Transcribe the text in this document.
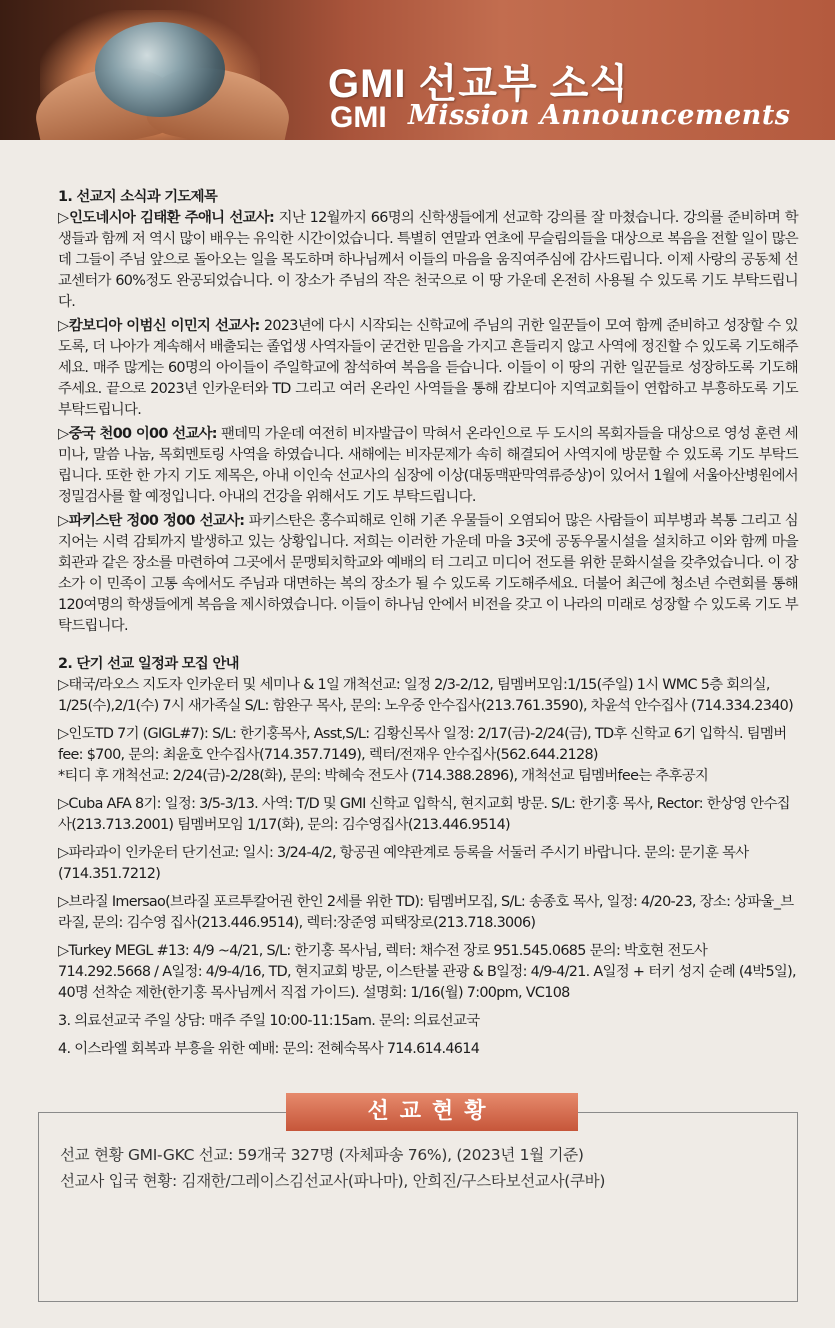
GMI 선교부 소식
GMI Mission Announcements
1. 선교지 소식과 기도제목
▷인도네시아 김태환 주애니 선교사: 지난 12월까지 66명의 신학생들에게 선교학 강의를 잘 마쳤습니다. 강의를 준비하며 학생들과 함께 저 역시 많이 배우는 유익한 시간이었습니다. 특별히 연말과 연초에 무슬림의들을 대상으로 복음을 전할 일이 많은데 그들이 주님 앞으로 돌아오는 일을 목도하며 하나님께서 이들의 마음을 움직여주심에 감사드립니다. 이제 사랑의 공동체 선교센터가 60%정도 완공되었습니다. 이 장소가 주님의 작은 천국으로 이 땅 가운데 온전히 사용될 수 있도록 기도 부탁드립니다.
▷캄보디아 이범신 이민지 선교사: 2023년에 다시 시작되는 신학교에 주님의 귀한 일꾼들이 모여 함께 준비하고 성장할 수 있도록, 더 나아가 계속해서 배출되는 졸업생 사역자들이 굳건한 믿음을 가지고 흔들리지 않고 사역에 정진할 수 있도록 기도해주세요. 매주 많게는 60명의 아이들이 주일학교에 참석하여 복음을 듣습니다. 이들이 이 땅의 귀한 일꾼들로 성장하도록 기도해주세요. 끝으로 2023년 인카운터와 TD 그리고 여러 온라인 사역들을 통해 캄보디아 지역교회들이 연합하고 부흥하도록 기도 부탁드립니다.
▷중국 천00 이00 선교사: 팬데믹 가운데 여전히 비자발급이 막혀서 온라인으로 두 도시의 목회자들을 대상으로 영성 훈련 세미나, 말씀 나눔, 목회멘토링 사역을 하였습니다. 새해에는 비자문제가 속히 해결되어 사역지에 방문할 수 있도록 기도 부탁드립니다. 또한 한 가지 기도 제목은, 아내 이인숙 선교사의 심장에 이상(대동맥판막역류증상)이 있어서 1월에 서울아산병원에서 정밀검사를 할 예정입니다. 아내의 건강을 위해서도 기도 부탁드립니다.
▷파키스탄 정00 정00 선교사: 파키스탄은 홍수피해로 인해 기존 우물들이 오염되어 많은 사람들이 피부병과 복통 그리고 심지어는 시력 감퇴까지 발생하고 있는 상황입니다. 저희는 이러한 가운데 마을 3곳에 공동우물시설을 설치하고 이와 함께 마을회관과 같은 장소를 마련하여 그곳에서 문맹퇴치학교와 예배의 터 그리고 미디어 전도를 위한 문화시설을 갖추었습니다. 이 장소가 이 민족이 고통 속에서도 주님과 대면하는 복의 장소가 될 수 있도록 기도해주세요. 더불어 최근에 청소년 수련회를 통해 120여명의 학생들에게 복음을 제시하였습니다. 이들이 하나님 안에서 비전을 갖고 이 나라의 미래로 성장할 수 있도록 기도 부탁드립니다.
2. 단기 선교 일정과 모집 안내
▷태국/라오스 지도자 인카운터 및 세미나 & 1일 개척선교: 일정 2/3-2/12, 팀멤버모임:1/15(주일) 1시 WMC 5층 회의실, 1/25(수),2/1(수) 7시 새가족실 S/L: 함완구 목사, 문의: 노우중 안수집사(213.761.3590), 차윤석 안수집사 (714.334.2340)
▷인도TD 7기 (GIGL#7): S/L: 한기홍목사, Asst,S/L: 김황신목사 일정: 2/17(금)-2/24(금), TD후 신학교 6기 입학식. 팀멤버 fee: $700, 문의: 최윤호 안수집사(714.357.7149), 렉터/전재우 안수집사(562.644.2128)
*티디 후 개척선교: 2/24(금)-2/28(화), 문의: 박혜숙 전도사 (714.388.2896), 개척선교 팀멤버fee는 추후공지
▷Cuba AFA 8기: 일정: 3/5-3/13. 사역: T/D 및 GMI 신학교 입학식, 현지교회 방문. S/L: 한기홍 목사, Rector: 한상영 안수집사(213.713.2001) 팀멤버모임 1/17(화), 문의: 김수영집사(213.446.9514)
▷파라과이 인카운터 단기선교: 일시: 3/24-4/2, 항공권 예약관계로 등록을 서둘러 주시기 바랍니다. 문의: 문기훈 목사 (714.351.7212)
▷브라질 Imersao(브라질 포르투칼어권 한인 2세를 위한 TD): 팀멤버모집, S/L: 송종호 목사, 일정: 4/20-23, 장소: 상파울_브라질, 문의: 김수영 집사(213.446.9514), 렉터:장준영 피택장로(213.718.3006)
▷Turkey MEGL #13: 4/9 ~4/21, S/L: 한기홍 목사님, 렉터: 채수전 장로 951.545.0685 문의: 박호현 전도사 714.292.5668 / A일정: 4/9-4/16, TD, 현지교회 방문, 이스탄불 관광 & B일정: 4/9-4/21. A일정 + 터키 성지 순례 (4박5일), 40명 선착순 제한(한기홍 목사님께서 직접 가이드). 설명회: 1/16(월) 7:00pm, VC108
3. 의료선교국 주일 상담: 매주 주일 10:00-11:15am. 문의: 의료선교국
4. 이스라엘 회복과 부흥을 위한 예배: 문의: 전혜숙목사 714.614.4614
선교현황
선교 현황 GMI-GKC 선교: 59개국 327명 (자체파송 76%), (2023년 1월 기준)
선교사 입국 현황: 김재한/그레이스김선교사(파나마), 안희진/구스타보선교사(쿠바)
